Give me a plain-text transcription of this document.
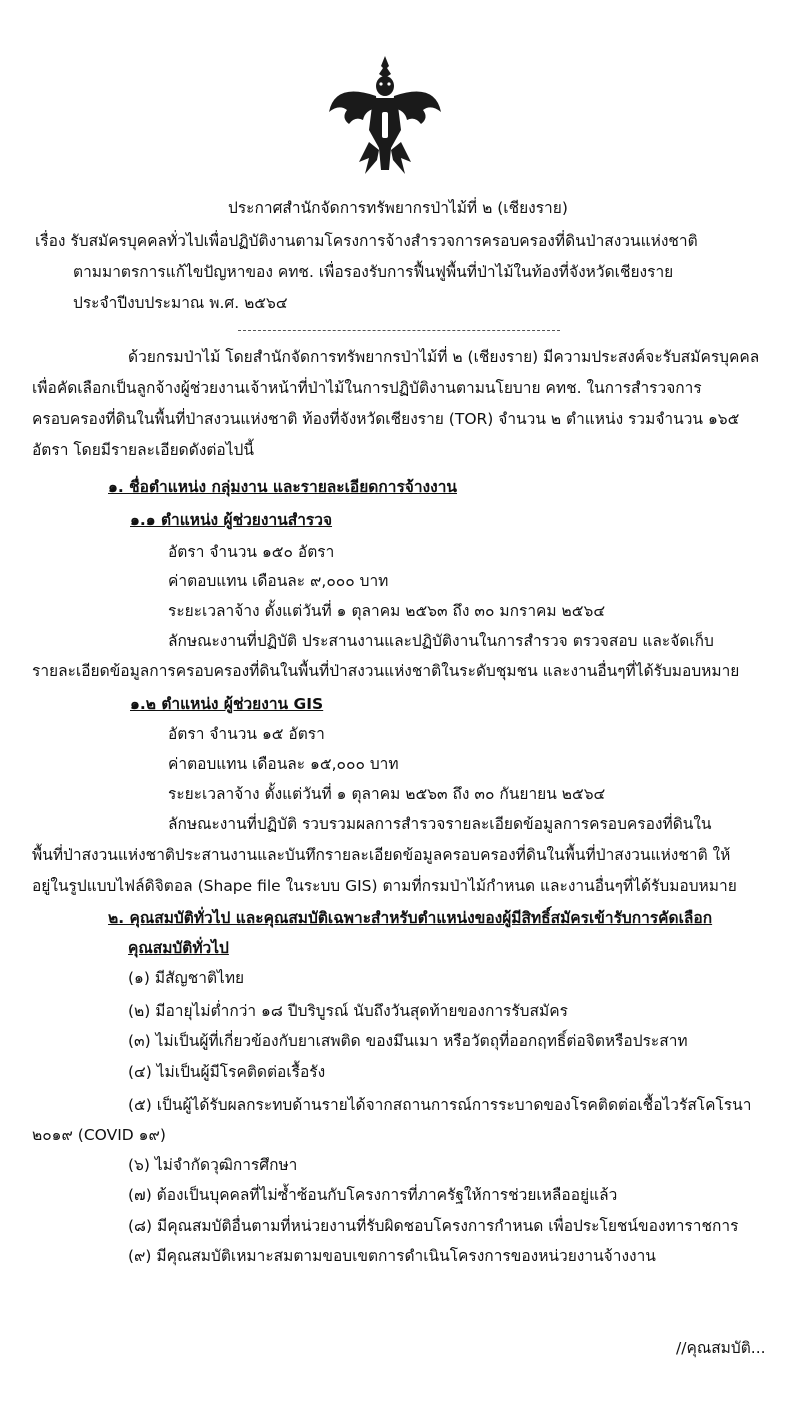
ประกาศสำนักจัดการทรัพยากรป่าไม้ที่ ๒ (เชียงราย)
เรื่อง รับสมัครบุคคลทั่วไปเพื่อปฏิบัติงานตามโครงการจ้างสำรวจการครอบครองที่ดินป่าสงวนแห่งชาติ
ตามมาตรการแก้ไขปัญหาของ คทช. เพื่อรองรับการฟื้นฟูพื้นที่ป่าไม้ในท้องที่จังหวัดเชียงราย
ประจำปีงบประมาณ พ.ศ. ๒๕๖๔
ด้วยกรมป่าไม้ โดยสำนักจัดการทรัพยากรป่าไม้ที่ ๒ (เชียงราย) มีความประสงค์จะรับสมัครบุคคล
เพื่อคัดเลือกเป็นลูกจ้างผู้ช่วยงานเจ้าหน้าที่ป่าไม้ในการปฏิบัติงานตามนโยบาย คทช. ในการสำรวจการ
ครอบครองที่ดินในพื้นที่ป่าสงวนแห่งชาติ ท้องที่จังหวัดเชียงราย (TOR) จำนวน ๒ ตำแหน่ง รวมจำนวน ๑๖๕
อัตรา โดยมีรายละเอียดดังต่อไปนี้
๑. ชื่อตำแหน่ง กลุ่มงาน และรายละเอียดการจ้างงาน
๑.๑ ตำแหน่ง ผู้ช่วยงานสำรวจ
อัตรา จำนวน ๑๕๐ อัตรา
ค่าตอบแทน เดือนละ ๙,๐๐๐ บาท
ระยะเวลาจ้าง ตั้งแต่วันที่ ๑ ตุลาคม ๒๕๖๓ ถึง ๓๐ มกราคม ๒๕๖๔
ลักษณะงานที่ปฏิบัติ ประสานงานและปฏิบัติงานในการสำรวจ ตรวจสอบ และจัดเก็บ
รายละเอียดข้อมูลการครอบครองที่ดินในพื้นที่ป่าสงวนแห่งชาติในระดับชุมชน และงานอื่นๆที่ได้รับมอบหมาย
๑.๒ ตำแหน่ง ผู้ช่วยงาน GIS
อัตรา จำนวน ๑๕ อัตรา
ค่าตอบแทน เดือนละ ๑๕,๐๐๐ บาท
ระยะเวลาจ้าง ตั้งแต่วันที่ ๑ ตุลาคม ๒๕๖๓ ถึง ๓๐ กันยายน ๒๕๖๔
ลักษณะงานที่ปฏิบัติ รวบรวมผลการสำรวจรายละเอียดข้อมูลการครอบครองที่ดินใน
พื้นที่ป่าสงวนแห่งชาติประสานงานและบันทึกรายละเอียดข้อมูลครอบครองที่ดินในพื้นที่ป่าสงวนแห่งชาติ ให้
อยู่ในรูปแบบไฟล์ดิจิตอล (Shape file ในระบบ GIS) ตามที่กรมป่าไม้กำหนด และงานอื่นๆที่ได้รับมอบหมาย
๒. คุณสมบัติทั่วไป และคุณสมบัติเฉพาะสำหรับตำแหน่งของผู้มีสิทธิ์สมัครเข้ารับการคัดเลือก
คุณสมบัติทั่วไป
(๑) มีสัญชาติไทย
(๒) มีอายุไม่ต่ำกว่า ๑๘ ปีบริบูรณ์ นับถึงวันสุดท้ายของการรับสมัคร
(๓) ไม่เป็นผู้ที่เกี่ยวข้องกับยาเสพติด ของมึนเมา หรือวัตถุที่ออกฤทธิ์ต่อจิตหรือประสาท
(๔) ไม่เป็นผู้มีโรคติดต่อเรื้อรัง
(๕) เป็นผู้ได้รับผลกระทบด้านรายได้จากสถานการณ์การระบาดของโรคติดต่อเชื้อไวรัสโคโรนา
๒๐๑๙ (COVID ๑๙)
(๖) ไม่จำกัดวุฒิการศึกษา
(๗) ต้องเป็นบุคคลที่ไม่ซ้ำซ้อนกับโครงการที่ภาครัฐให้การช่วยเหลืออยู่แล้ว
(๘) มีคุณสมบัติอื่นตามที่หน่วยงานที่รับผิดชอบโครงการกำหนด เพื่อประโยชน์ของทาราชการ
(๙) มีคุณสมบัติเหมาะสมตามขอบเขตการดำเนินโครงการของหน่วยงานจ้างงาน
//คุณสมบัติ...
